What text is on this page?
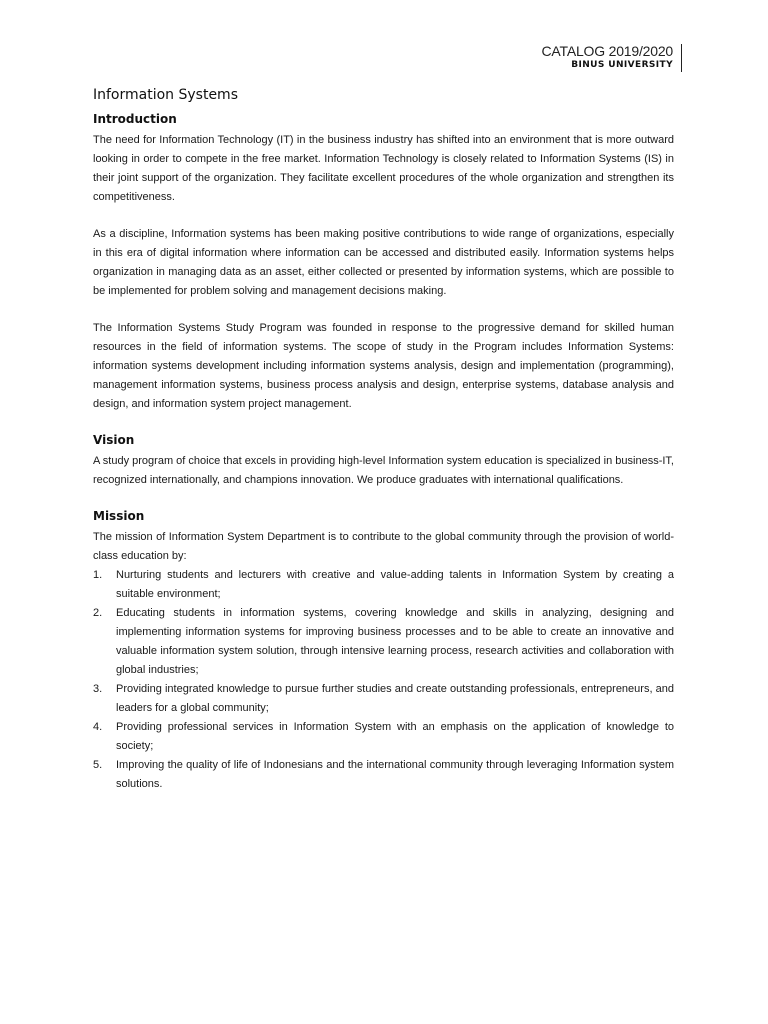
CATALOG 2019/2020
BINUS UNIVERSITY
Information Systems
Introduction

The need for Information Technology (IT) in the business industry has shifted into an environment that is more outward looking in order to compete in the free market. Information Technology is closely related to Information Systems (IS) in their joint support of the organization. They facilitate excellent procedures of the whole organization and strengthen its competitiveness.

As a discipline, Information systems has been making positive contributions to wide range of organizations, especially in this era of digital information where information can be accessed and distributed easily. Information systems helps organization in managing data as an asset, either collected or presented by information systems, which are possible to be implemented for problem solving and management decisions making.

The Information Systems Study Program was founded in response to the progressive demand for skilled human resources in the field of information systems. The scope of study in the Program includes Information Systems: information systems development including information systems analysis, design and implementation (programming), management information systems, business process analysis and design, enterprise systems, database analysis and design, and information system project management.

Vision

A study program of choice that excels in providing high-level Information system education is specialized in business-IT, recognized internationally, and champions innovation. We produce graduates with international qualifications.

Mission

The mission of Information System Department is to contribute to the global community through the provision of world-class education by:

1. Nurturing students and lecturers with creative and value-adding talents in Information System by creating a suitable environment;
2. Educating students in information systems, covering knowledge and skills in analyzing, designing and implementing information systems for improving business processes and to be able to create an innovative and valuable information system solution, through intensive learning process, research activities and collaboration with global industries;
3. Providing integrated knowledge to pursue further studies and create outstanding professionals, entrepreneurs, and leaders for a global community;
4. Providing professional services in Information System with an emphasis on the application of knowledge to society;
5. Improving the quality of life of Indonesians and the international community through leveraging Information system solutions.
